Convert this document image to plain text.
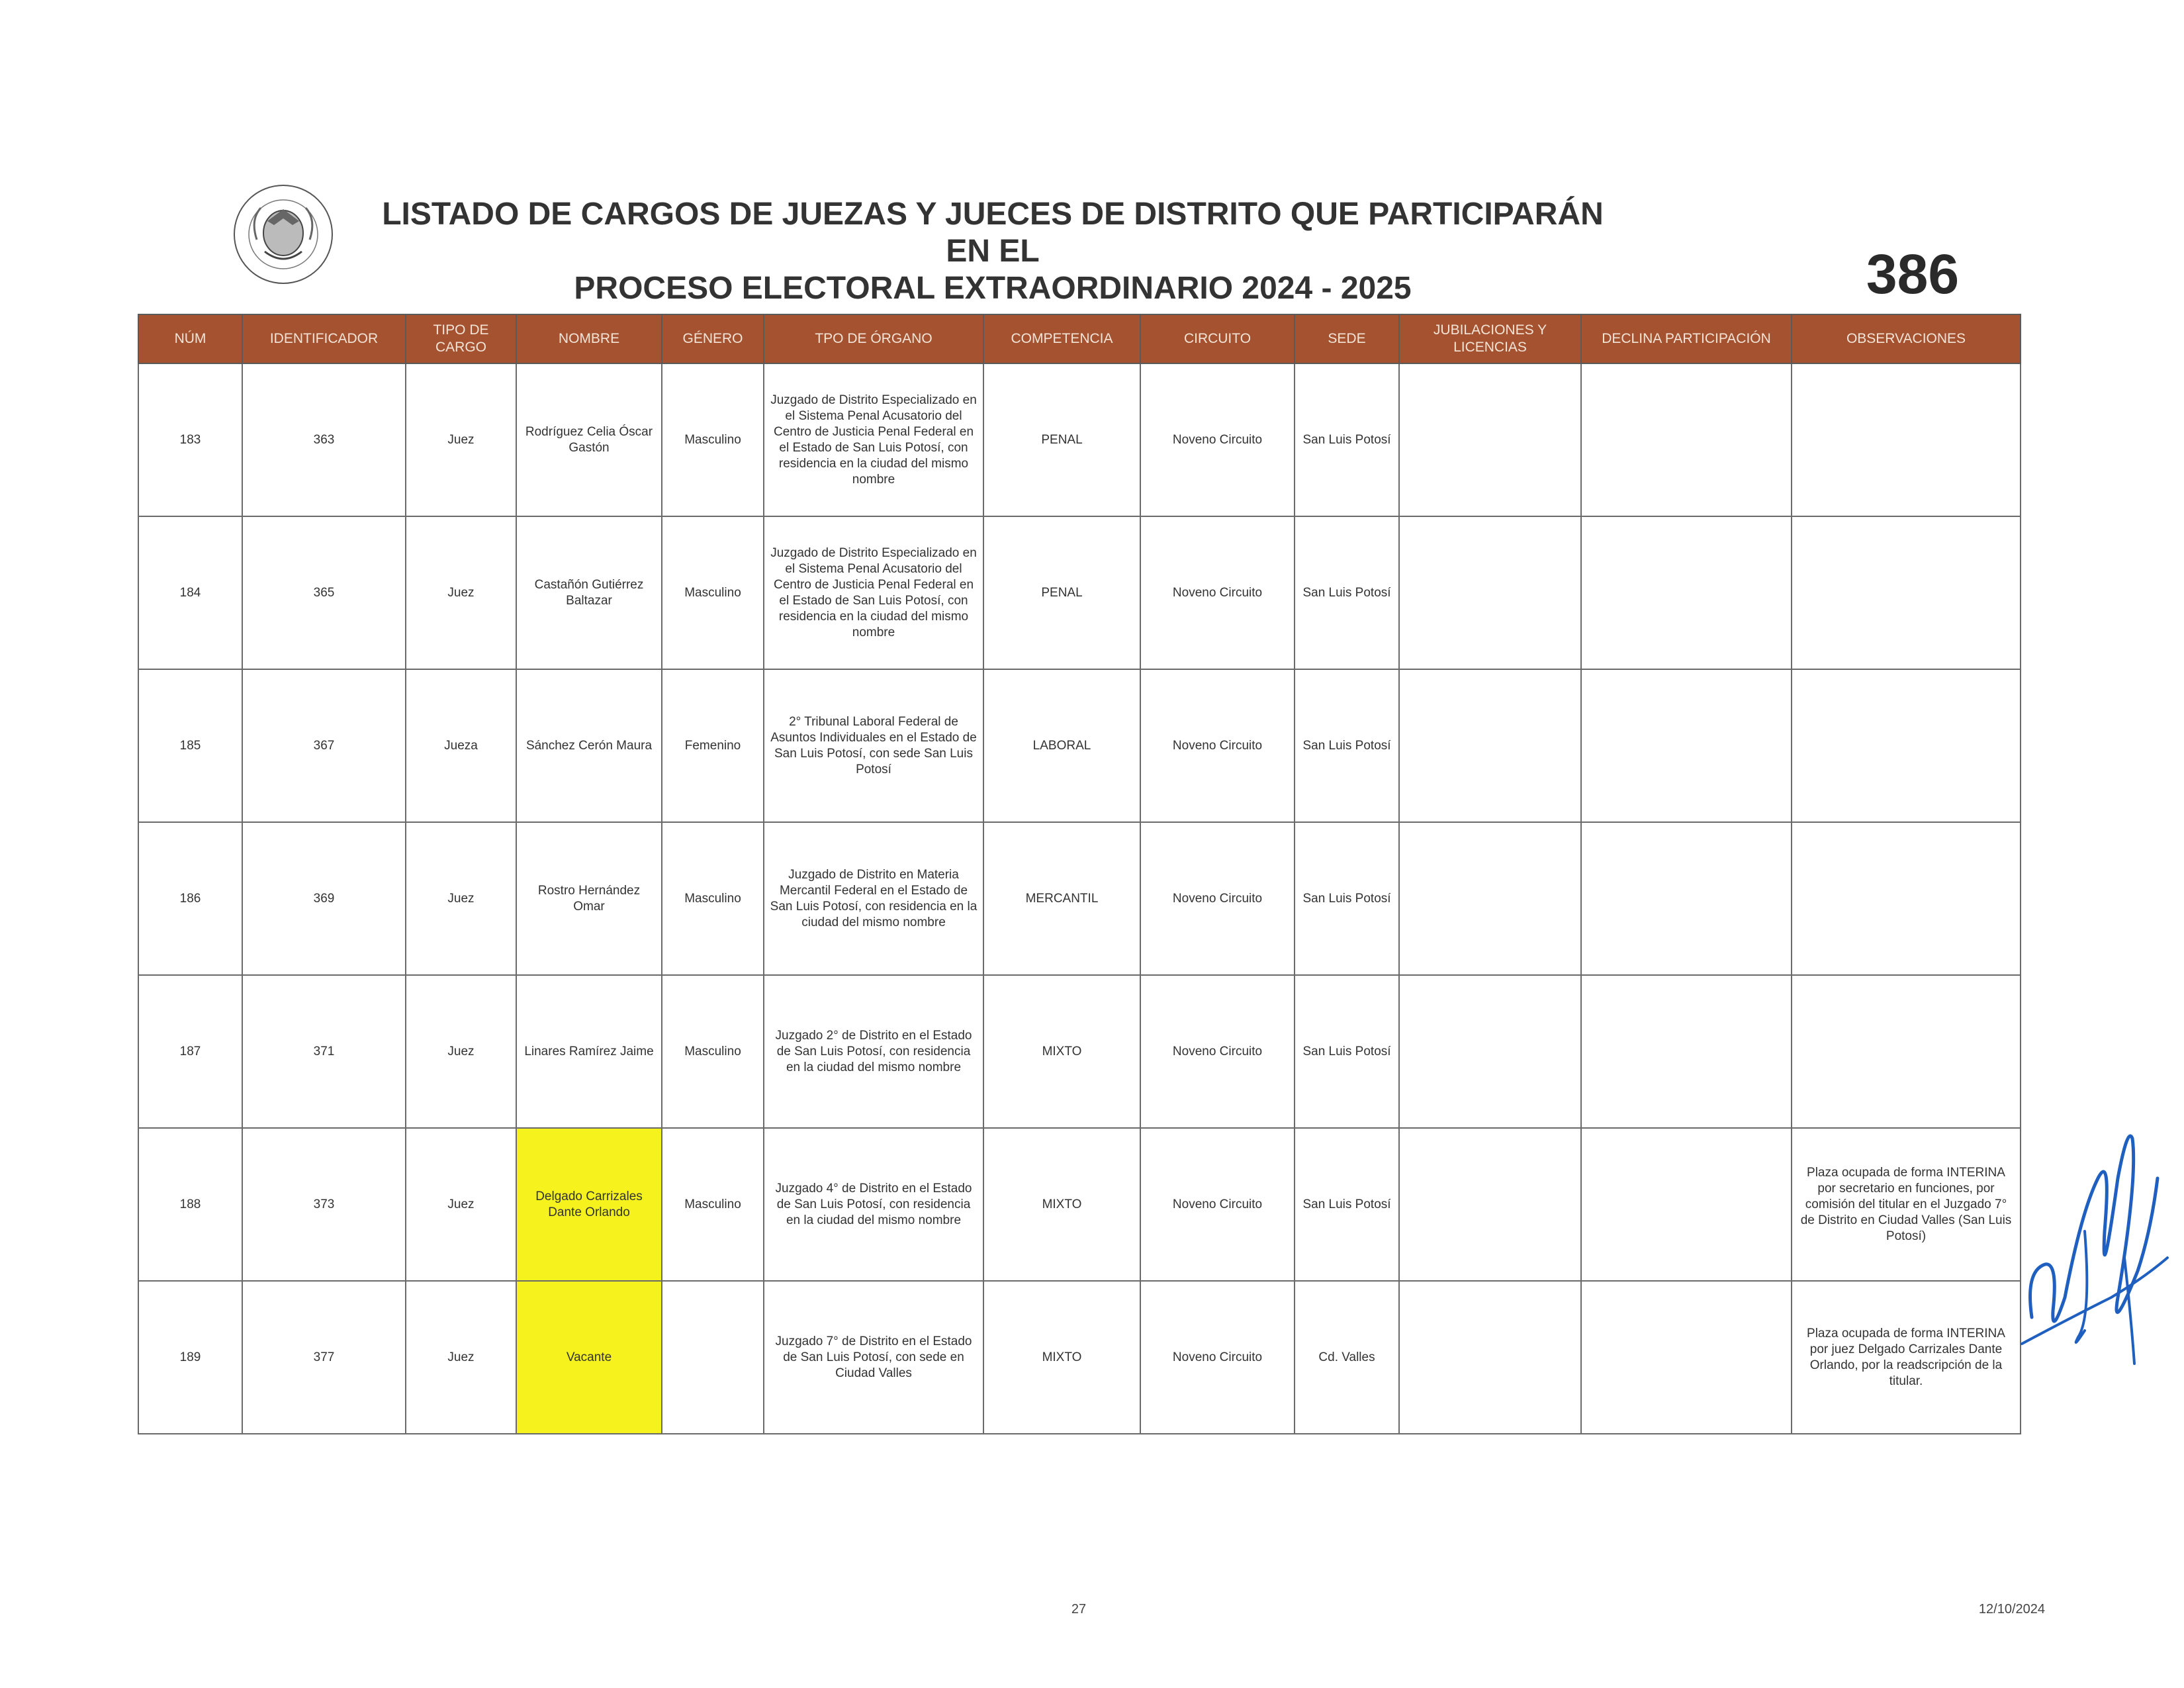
LISTADO DE CARGOS DE JUEZAS Y JUECES DE DISTRITO QUE PARTICIPARÁN EN EL
PROCESO ELECTORAL EXTRAORDINARIO 2024 - 2025	386
NÚM	IDENTIFICADOR	TIPO DE CARGO	NOMBRE	GÉNERO	TPO DE ÓRGANO	COMPETENCIA	CIRCUITO	SEDE	JUBILACIONES Y LICENCIAS	DECLINA PARTICIPACIÓN	OBSERVACIONES
183	363	Juez	Rodríguez Celia Óscar Gastón	Masculino	Juzgado de Distrito Especializado en el Sistema Penal Acusatorio del Centro de Justicia Penal Federal en el Estado de San Luis Potosí, con residencia en la ciudad del mismo nombre	PENAL	Noveno Circuito	San Luis Potosí			
184	365	Juez	Castañón Gutiérrez Baltazar	Masculino	Juzgado de Distrito Especializado en el Sistema Penal Acusatorio del Centro de Justicia Penal Federal en el Estado de San Luis Potosí, con residencia en la ciudad del mismo nombre	PENAL	Noveno Circuito	San Luis Potosí			
185	367	Jueza	Sánchez Cerón Maura	Femenino	2° Tribunal Laboral Federal de Asuntos Individuales en el Estado de San Luis Potosí, con sede San Luis Potosí	LABORAL	Noveno Circuito	San Luis Potosí			
186	369	Juez	Rostro Hernández Omar	Masculino	Juzgado de Distrito en Materia Mercantil Federal en el Estado de San Luis Potosí, con residencia en la ciudad del mismo nombre	MERCANTIL	Noveno Circuito	San Luis Potosí			
187	371	Juez	Linares Ramírez Jaime	Masculino	Juzgado 2° de Distrito en el Estado de San Luis Potosí, con residencia en la ciudad del mismo nombre	MIXTO	Noveno Circuito	San Luis Potosí			
188	373	Juez	Delgado Carrizales Dante Orlando	Masculino	Juzgado 4° de Distrito en el Estado de San Luis Potosí, con residencia en la ciudad del mismo nombre	MIXTO	Noveno Circuito	San Luis Potosí			Plaza ocupada de forma INTERINA por secretario en funciones, por comisión del titular en el Juzgado 7° de Distrito en Ciudad Valles (San Luis Potosí)
189	377	Juez	Vacante		Juzgado 7° de Distrito en el Estado de San Luis Potosí, con sede en Ciudad Valles	MIXTO	Noveno Circuito	Cd. Valles			Plaza ocupada de forma INTERINA por juez Delgado Carrizales Dante Orlando, por la readscripción de la titular.
27	12/10/2024
